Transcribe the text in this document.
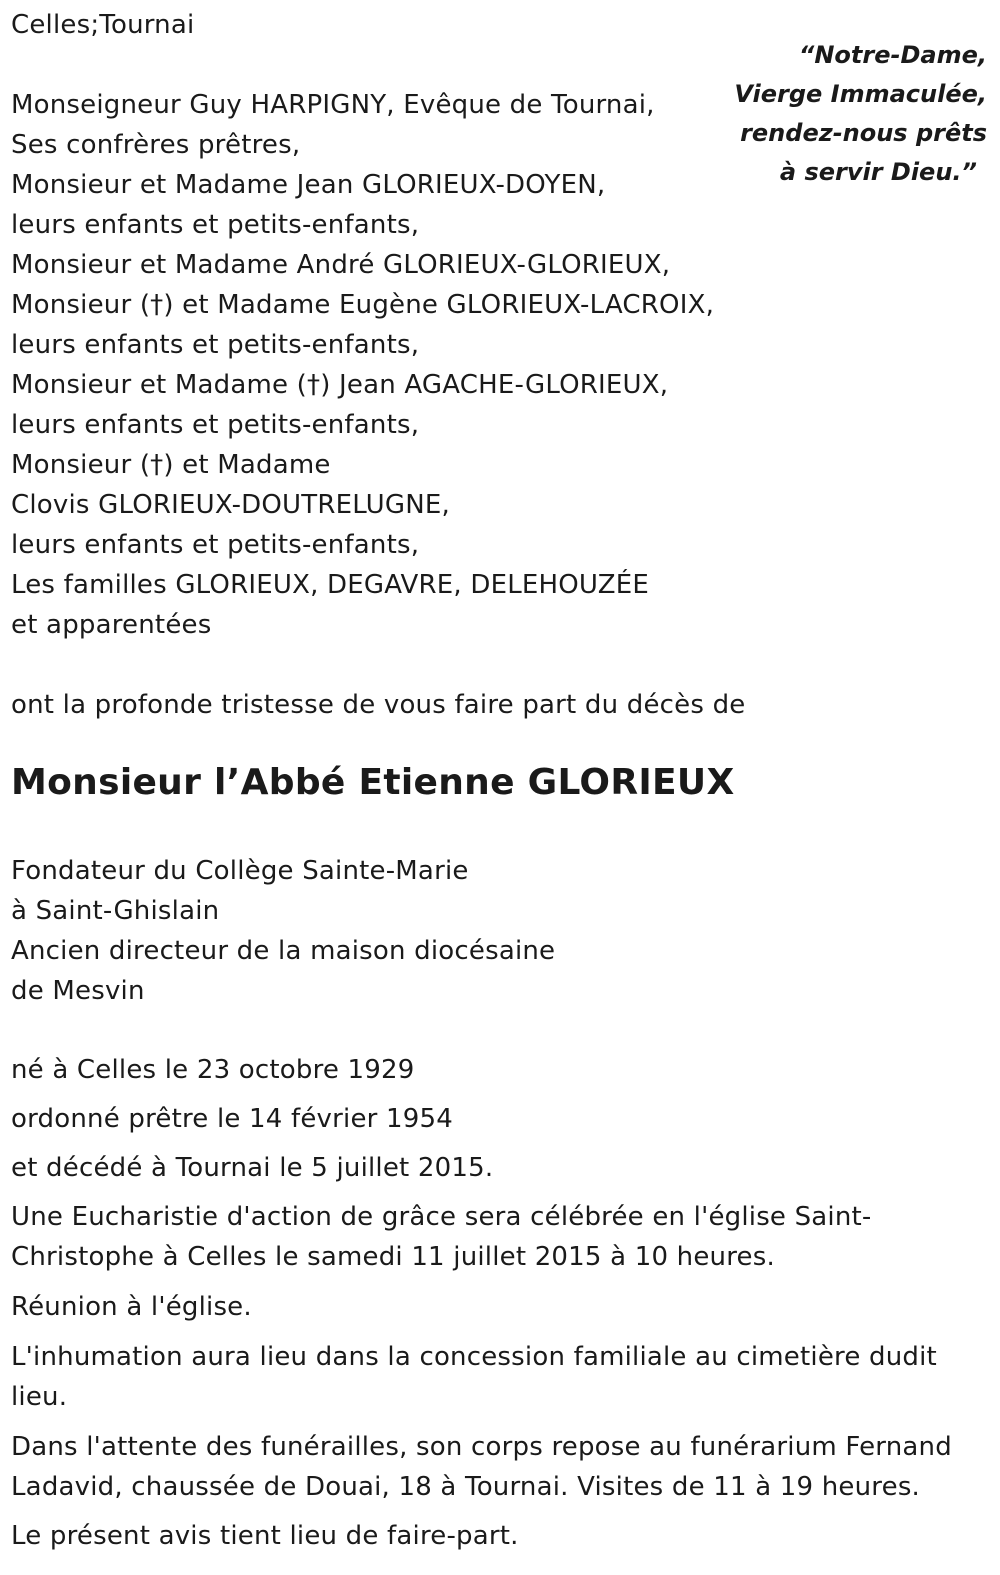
Celles;Tournai
“Notre-Dame,
Vierge Immaculée,
rendez-nous prêts
à servir Dieu.”
Monseigneur Guy HARPIGNY, Evêque de Tournai,
Ses confrères prêtres,
Monsieur et Madame Jean GLORIEUX-DOYEN,
leurs enfants et petits-enfants,
Monsieur et Madame André GLORIEUX-GLORIEUX,
Monsieur (†) et Madame Eugène GLORIEUX-LACROIX,
leurs enfants et petits-enfants,
Monsieur et Madame (†) Jean AGACHE-GLORIEUX,
leurs enfants et petits-enfants,
Monsieur (†) et Madame
Clovis GLORIEUX-DOUTRELUGNE,
leurs enfants et petits-enfants,
Les familles GLORIEUX, DEGAVRE, DELEHOUZÉE
et apparentées
ont la profonde tristesse de vous faire part du décès de
Monsieur l’Abbé Etienne GLORIEUX
Fondateur du Collège Sainte-Marie
à Saint-Ghislain
Ancien directeur de la maison diocésaine
de Mesvin
né à Celles le 23 octobre 1929
ordonné prêtre le 14 février 1954
et décédé à Tournai le 5 juillet 2015.
Une Eucharistie d'action de grâce sera célébrée en l'église Saint-Christophe à Celles le samedi 11 juillet 2015 à 10 heures.
Réunion à l'église.
L'inhumation aura lieu dans la concession familiale au cimetière dudit lieu.
Dans l'attente des funérailles, son corps repose au funérarium Fernand Ladavid, chaussée de Douai, 18 à Tournai. Visites de 11 à 19 heures.
Le présent avis tient lieu de faire-part.
